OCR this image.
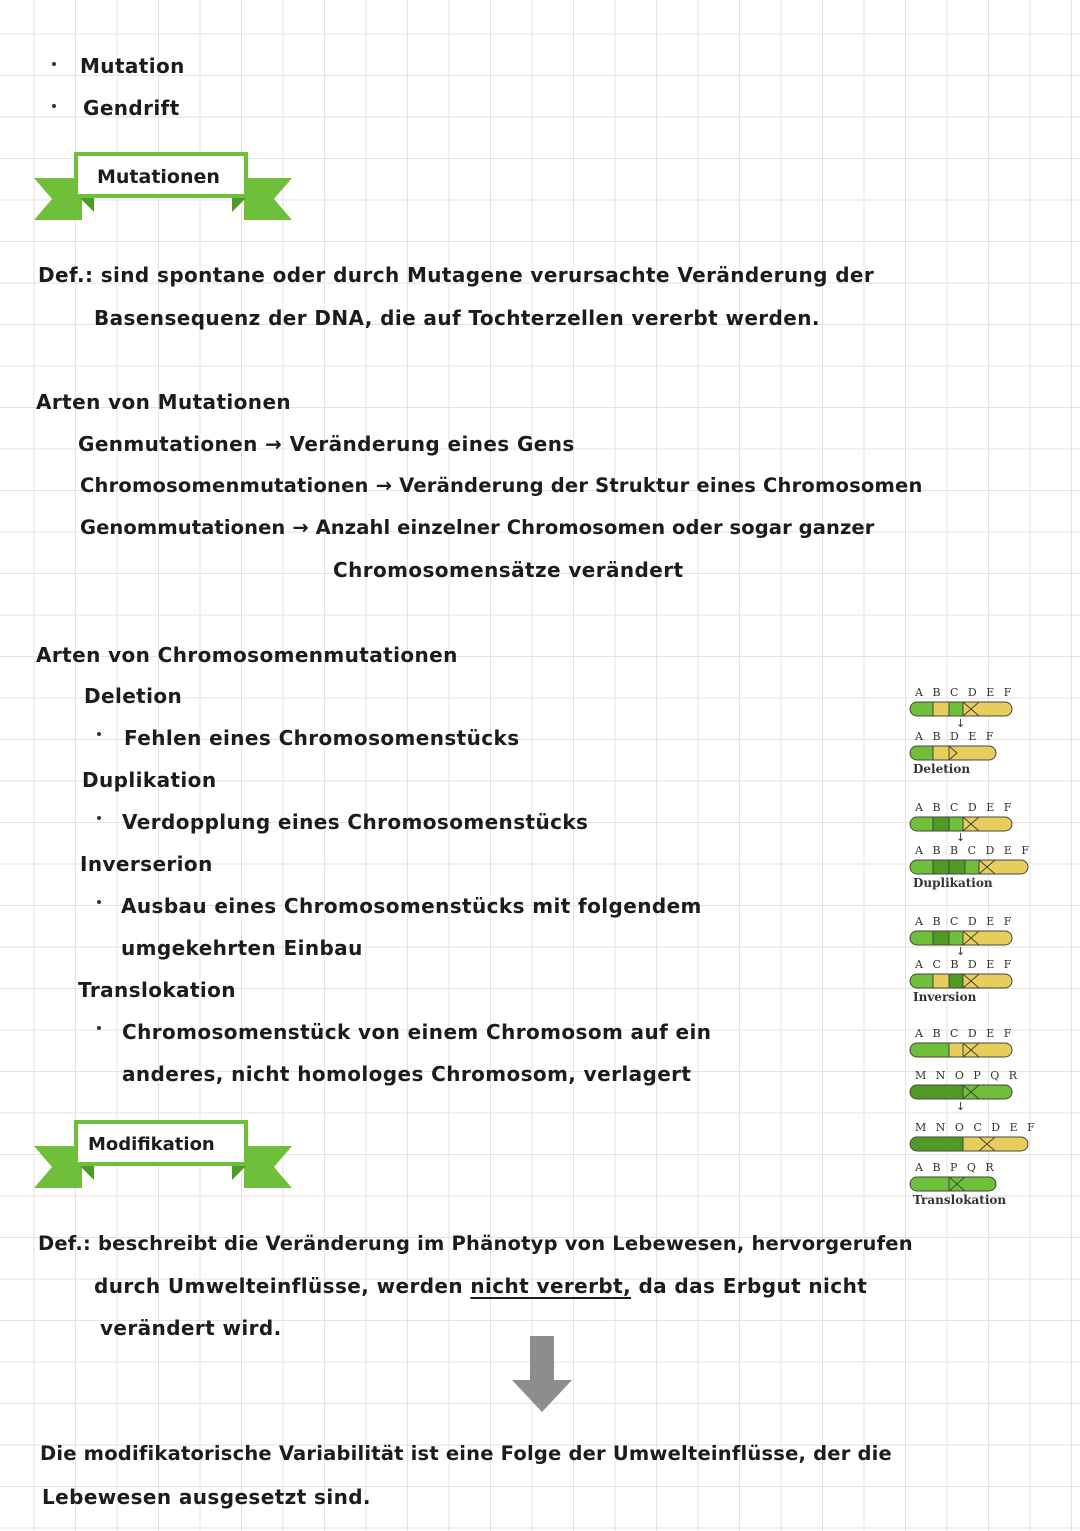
Mutation
Gendrift
Mutationen
Def.: sind spontane oder durch Mutagene verursachte Veränderung der
Basensequenz der DNA, die auf Tochterzellen vererbt werden.
Arten von Mutationen
Genmutationen → Veränderung eines Gens
Chromosomenmutationen → Veränderung der Struktur eines Chromosomen
Genommutationen → Anzahl einzelner Chromosomen oder sogar ganzer
Chromosomensätze verändert
Arten von Chromosomenmutationen
Deletion
Fehlen eines Chromosomenstücks
Duplikation
Verdopplung eines Chromosomenstücks
Inverserion
Ausbau eines Chromosomenstücks mit folgendem
umgekehrten Einbau
Translokation
Chromosomenstück von einem Chromosom auf ein
anderes, nicht homologes Chromosom, verlagert
A B C D E F
↓
A B D E F
Deletion
A B C D E F
↓
A B B C D E F
Duplikation
A B C D E F
↓
A C B D E F
Inversion
A B C D E F
M N O P Q R
↓
M N O C D E F
A B P Q R
Translokation
Modifikation
Def.: beschreibt die Veränderung im Phänotyp von Lebewesen, hervorgerufen
durch Umwelteinflüsse, werden nicht vererbt, da das Erbgut nicht
verändert wird.
Die modifikatorische Variabilität ist eine Folge der Umwelteinflüsse, der die
Lebewesen ausgesetzt sind.
